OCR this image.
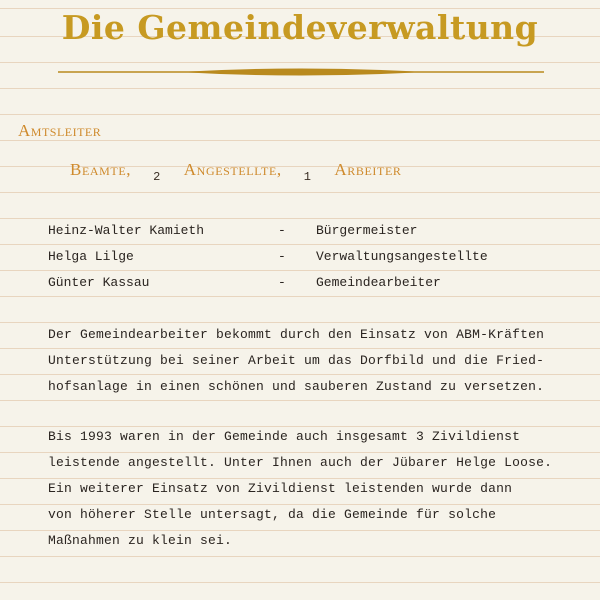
Die Gemeindeverwaltung
Amtsleiter
Beamte, $_2$ Angestellte, $_1$ Arbeiter
Heinz-Walter Kamieth	- Bürgermeister
Helga Lilge	- Verwaltungsangestellte
Günter Kassau	- Gemeindearbeiter
Der Gemeindearbeiter bekommt durch den Einsatz von ABM-Kräften
Unterstützung bei seiner Arbeit um das Dorfbild und die Fried-
hofsanlage in einen schönen und sauberen Zustand zu versetzen.
Bis 1993 waren in der Gemeinde auch insgesamt 3 Zivildienst
leistende angestellt. Unter Ihnen auch der Jübarer Helge Loose.
Ein weiterer Einsatz von Zivildienst leistenden wurde dann
von höherer Stelle untersagt, da die Gemeinde für solche
Maßnahmen zu klein sei.
